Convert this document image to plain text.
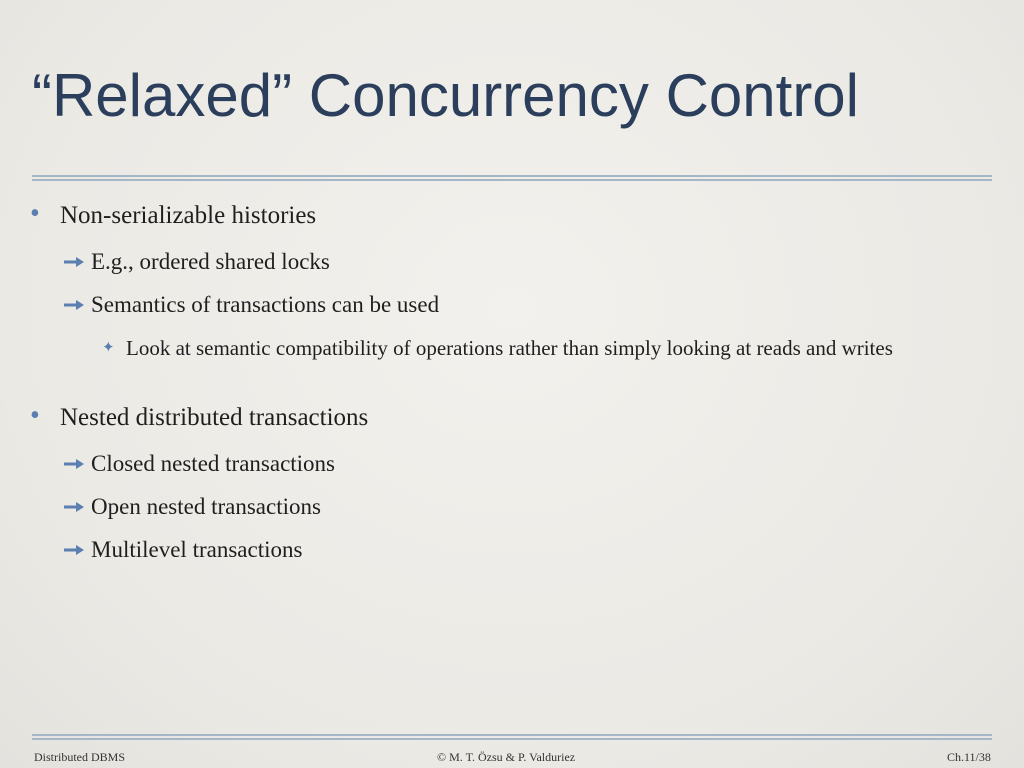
“Relaxed” Concurrency Control
• Non-serializable histories
E.g., ordered shared locks
Semantics of transactions can be used
✦ Look at semantic compatibility of operations rather than simply looking at reads and writes
• Nested distributed transactions
Closed nested transactions
Open nested transactions
Multilevel transactions
Distributed DBMS	© M. T. Özsu & P. Valduriez	Ch.11/38
